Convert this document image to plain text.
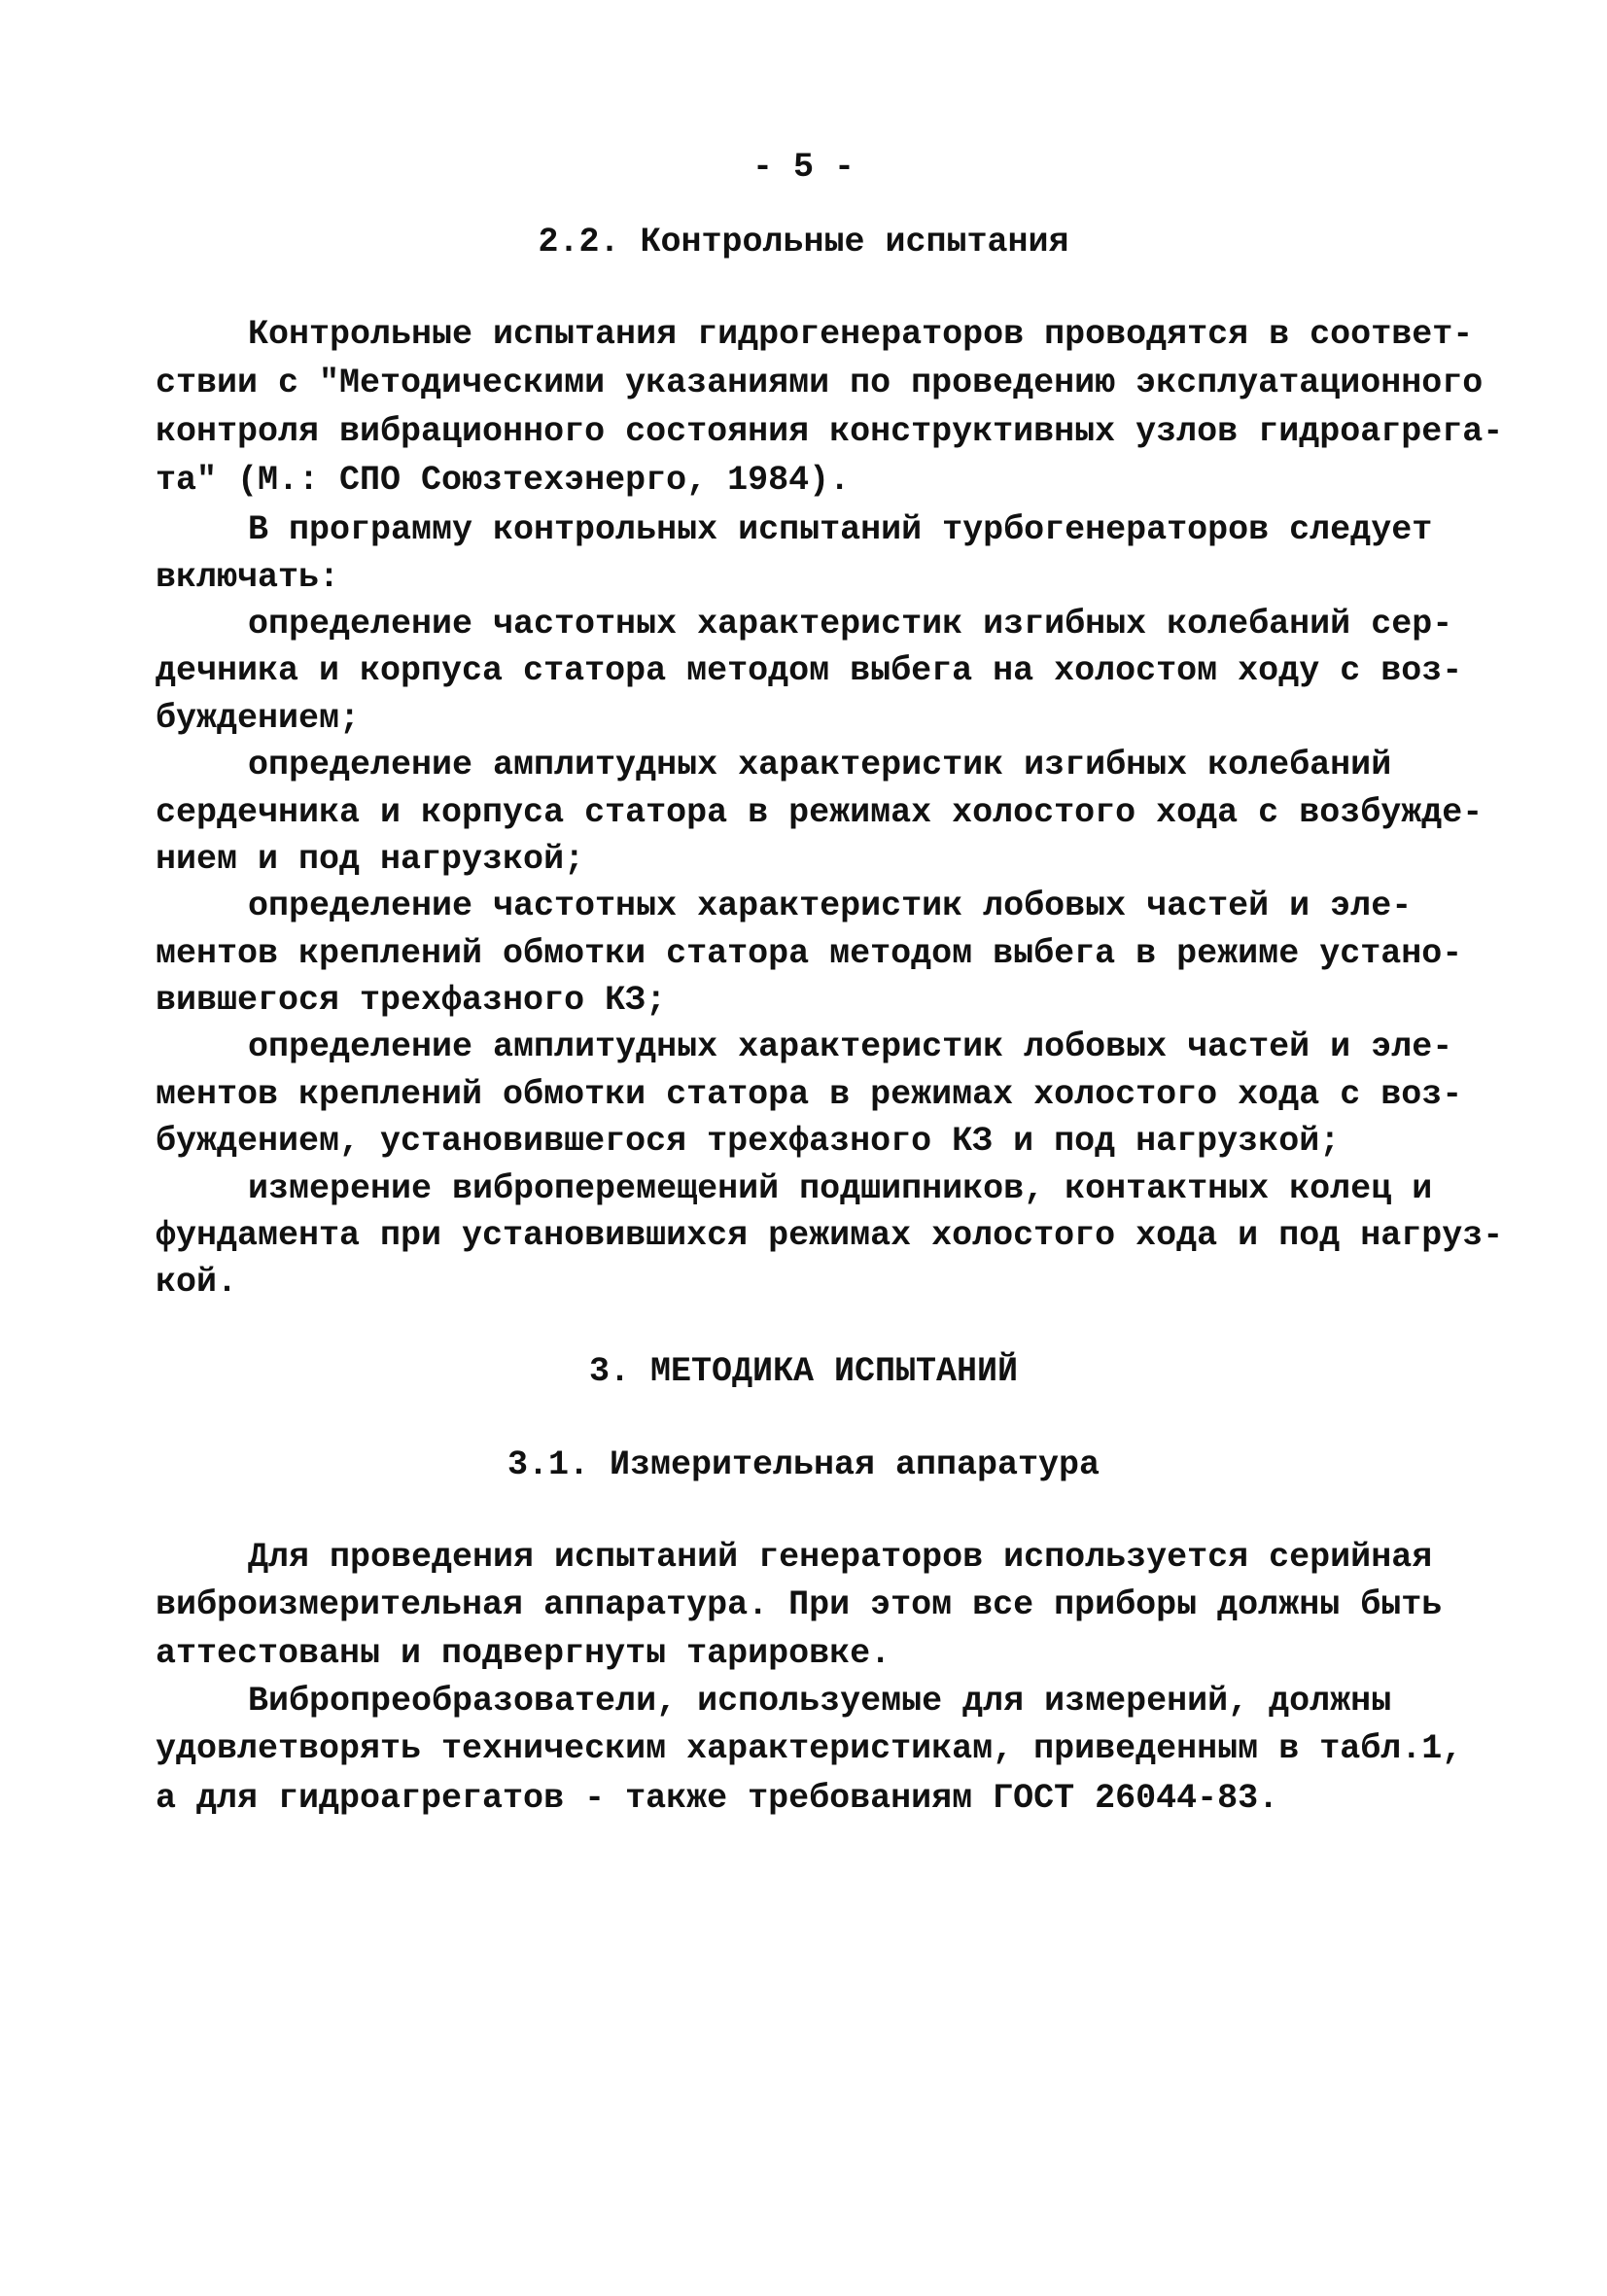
- 5 -
2.2. Контрольные испытания
Контрольные испытания гидрогенераторов проводятся в соответ-
ствии с "Методическими указаниями по проведению эксплуатационного
контроля вибрационного состояния конструктивных узлов гидроагрега-
та" (М.: СПО Союзтехэнерго, 1984).
В программу контрольных испытаний турбогенераторов следует
включать:
определение частотных характеристик изгибных колебаний сер-
дечника и корпуса статора методом выбега на холостом ходу с воз-
буждением;
определение амплитудных характеристик изгибных колебаний
сердечника и корпуса статора в режимах холостого хода с возбужде-
нием и под нагрузкой;
определение частотных характеристик лобовых частей и эле-
ментов креплений обмотки статора методом выбега в режиме устано-
вившегося трехфазного КЗ;
определение амплитудных характеристик лобовых частей и эле-
ментов креплений обмотки статора в режимах холостого хода с воз-
буждением, установившегося трехфазного КЗ и под нагрузкой;
измерение виброперемещений подшипников, контактных колец и
фундамента при установившихся режимах холостого хода и под нагруз-
кой.
3. МЕТОДИКА ИСПЫТАНИЙ
3.1. Измерительная аппаратура
Для проведения испытаний генераторов используется серийная
виброизмерительная аппаратура. При этом все приборы должны быть
аттестованы и подвергнуты тарировке.
Вибропреобразователи, используемые для измерений, должны
удовлетворять техническим характеристикам, приведенным в табл.1,
а для гидроагрегатов - также требованиям ГОСТ 26044-83.
